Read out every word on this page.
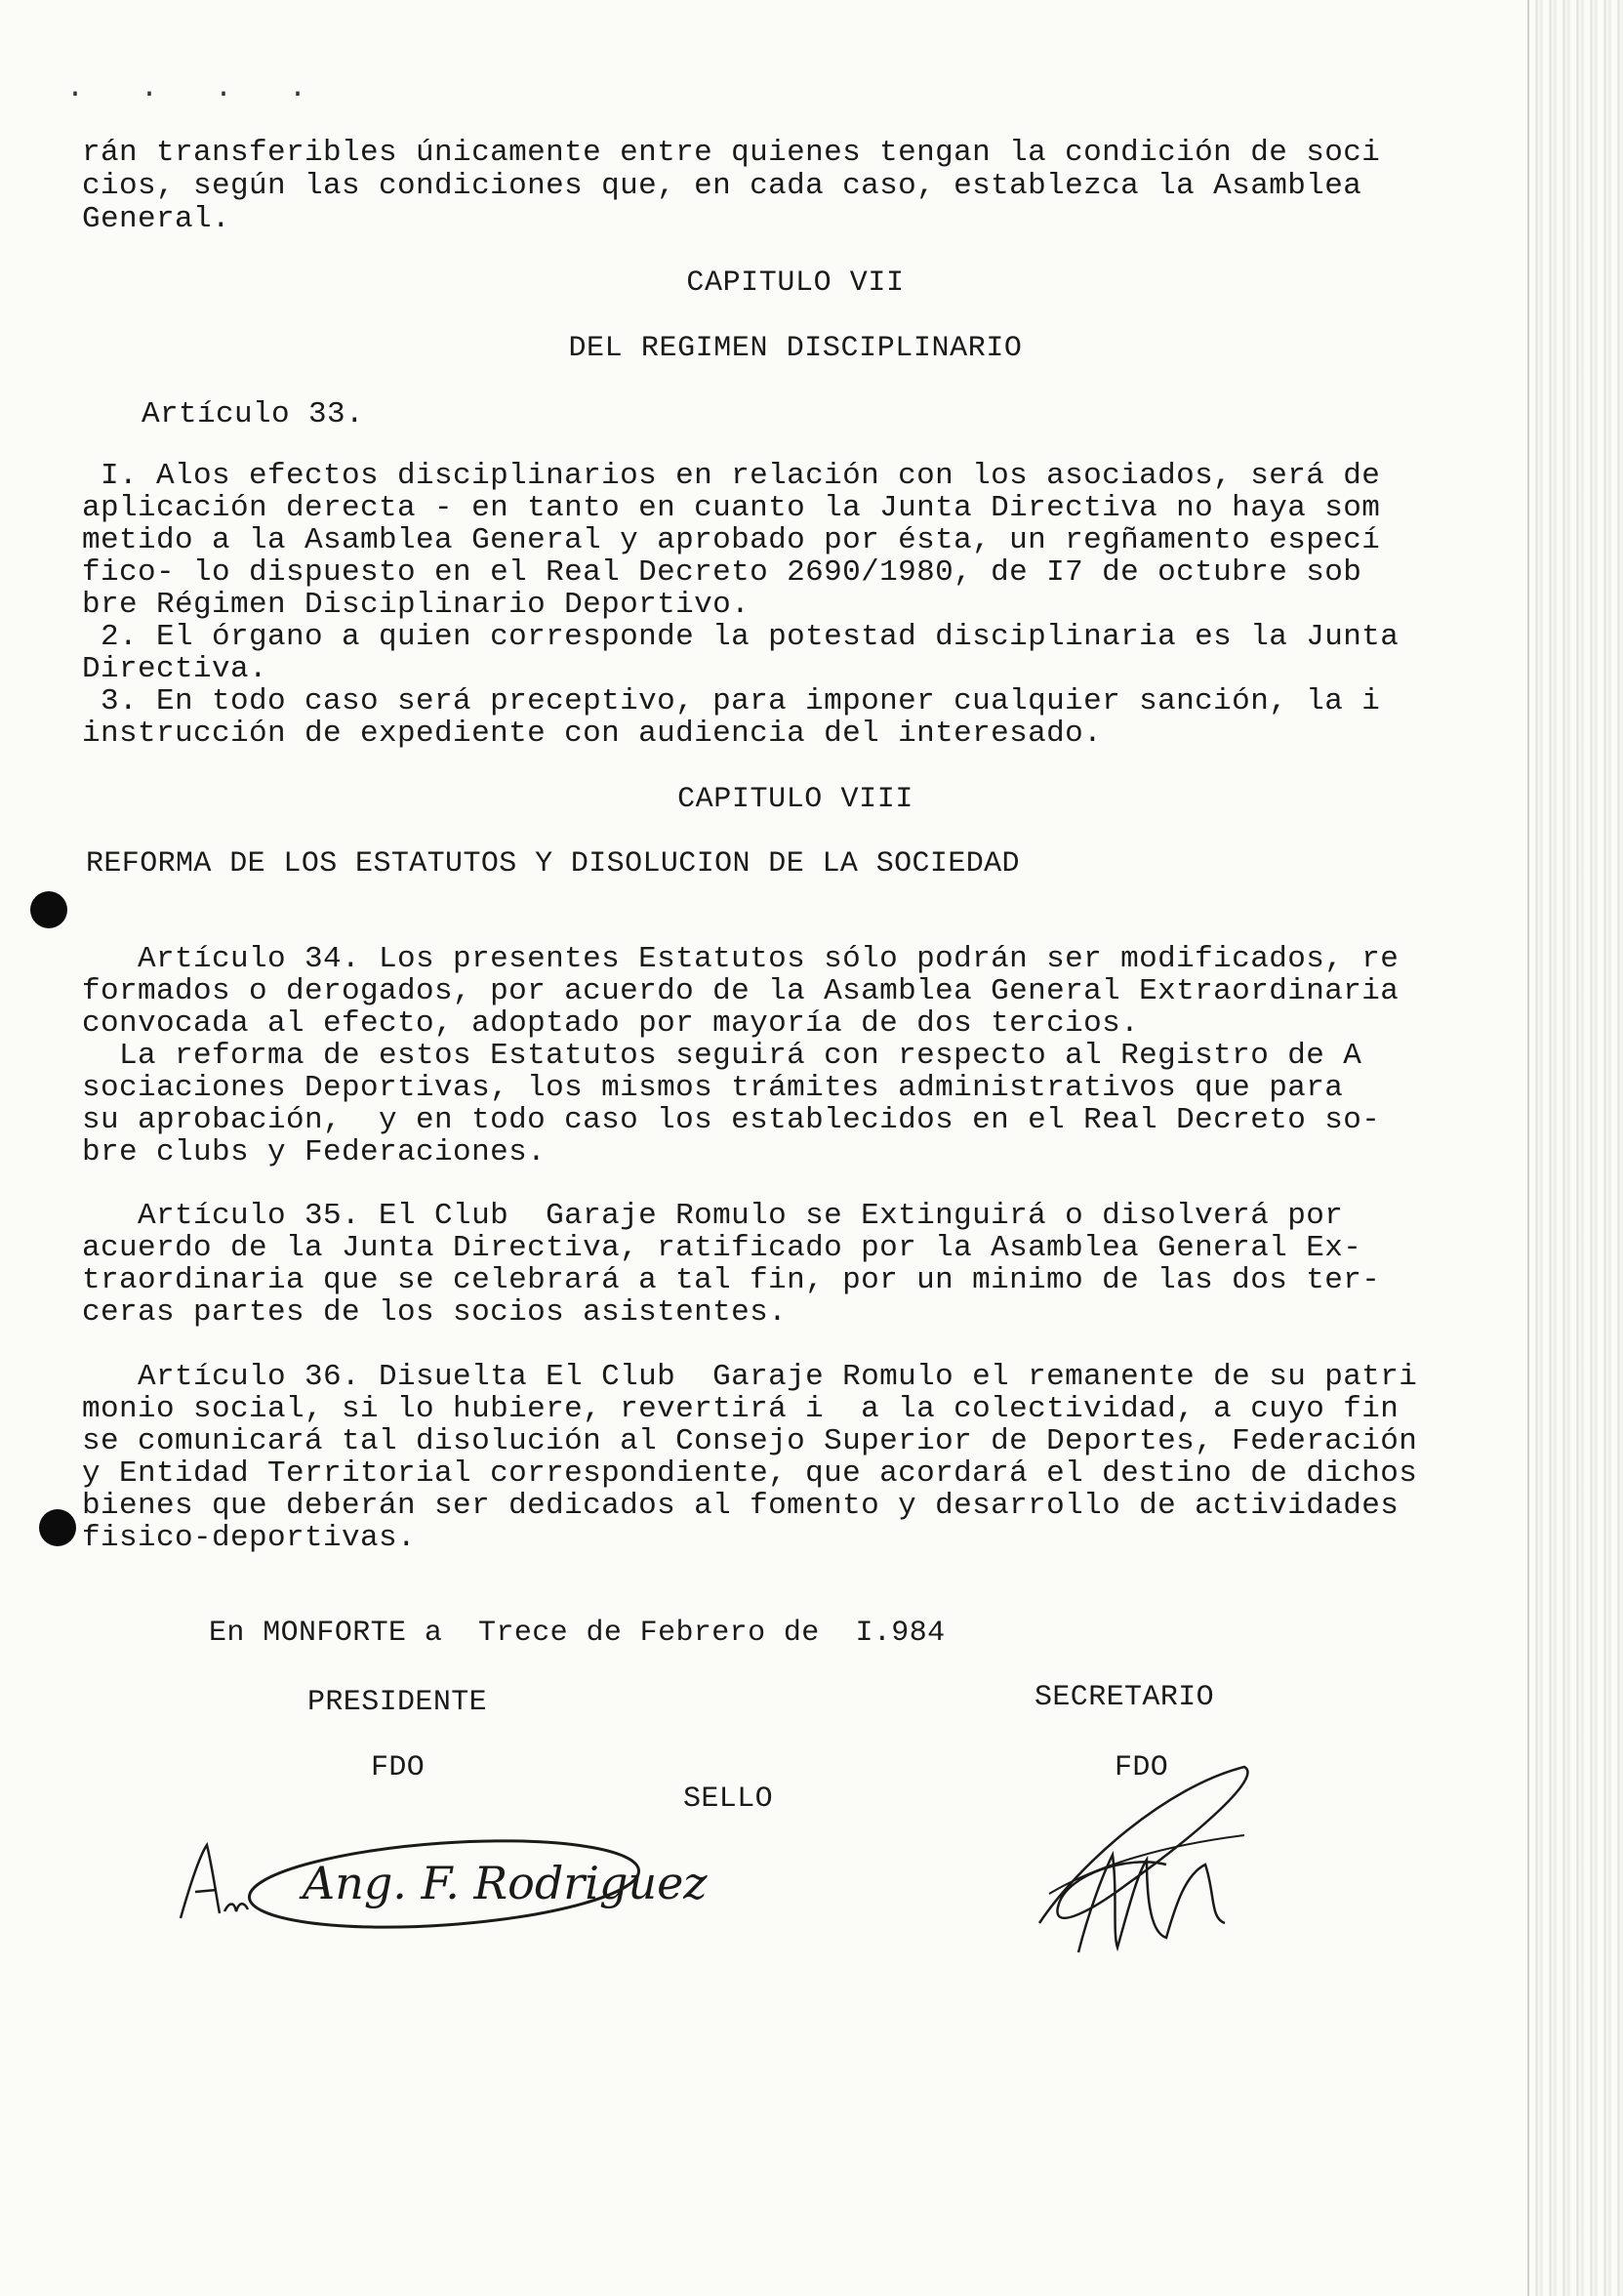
. . . .
rán transferibles únicamente entre quienes tengan la condición de soci
cios, según las condiciones que, en cada caso, establezca la Asamblea
General.
CAPITULO VII
DEL REGIMEN DISCIPLINARIO
Artículo 33.
I. Alos efectos disciplinarios en relación con los asociados, será de
aplicación derecta - en tanto en cuanto la Junta Directiva no haya som
metido a la Asamblea General y aprobado por ésta, un regñamento especí
fico- lo dispuesto en el Real Decreto 2690/1980, de I7 de octubre sob
bre Régimen Disciplinario Deportivo.
2. El órgano a quien corresponde la potestad disciplinaria es la Junta
Directiva.
3. En todo caso será preceptivo, para imponer cualquier sanción, la i
instrucción de expediente con audiencia del interesado.
CAPITULO VIII
REFORMA DE LOS ESTATUTOS Y DISOLUCION DE LA SOCIEDAD
Artículo 34. Los presentes Estatutos sólo podrán ser modificados, re
formados o derogados, por acuerdo de la Asamblea General Extraordinaria
convocada al efecto, adoptado por mayoría de dos tercios.
La reforma de estos Estatutos seguirá con respecto al Registro de A
sociaciones Deportivas, los mismos trámites administrativos que para
su aprobación,  y en todo caso los establecidos en el Real Decreto so-
bre clubs y Federaciones.
Artículo 35. El Club  Garaje Romulo se Extinguirá o disolverá por
acuerdo de la Junta Directiva, ratificado por la Asamblea General Ex-
traordinaria que se celebrará a tal fin, por un minimo de las dos ter-
ceras partes de los socios asistentes.
Artículo 36. Disuelta El Club  Garaje Romulo el remanente de su patri
monio social, si lo hubiere, revertirá i  a la colectividad, a cuyo fin
se comunicará tal disolución al Consejo Superior de Deportes, Federación
y Entidad Territorial correspondiente, que acordará el destino de dichos
bienes que deberán ser dedicados al fomento y desarrollo de actividades
fisico-deportivas.
En MONFORTE a  Trece de Febrero de  I.984
PRESIDENTE	SECRETARIO
FDO	FDO
SELLO
Ang. F. Rodriguez
